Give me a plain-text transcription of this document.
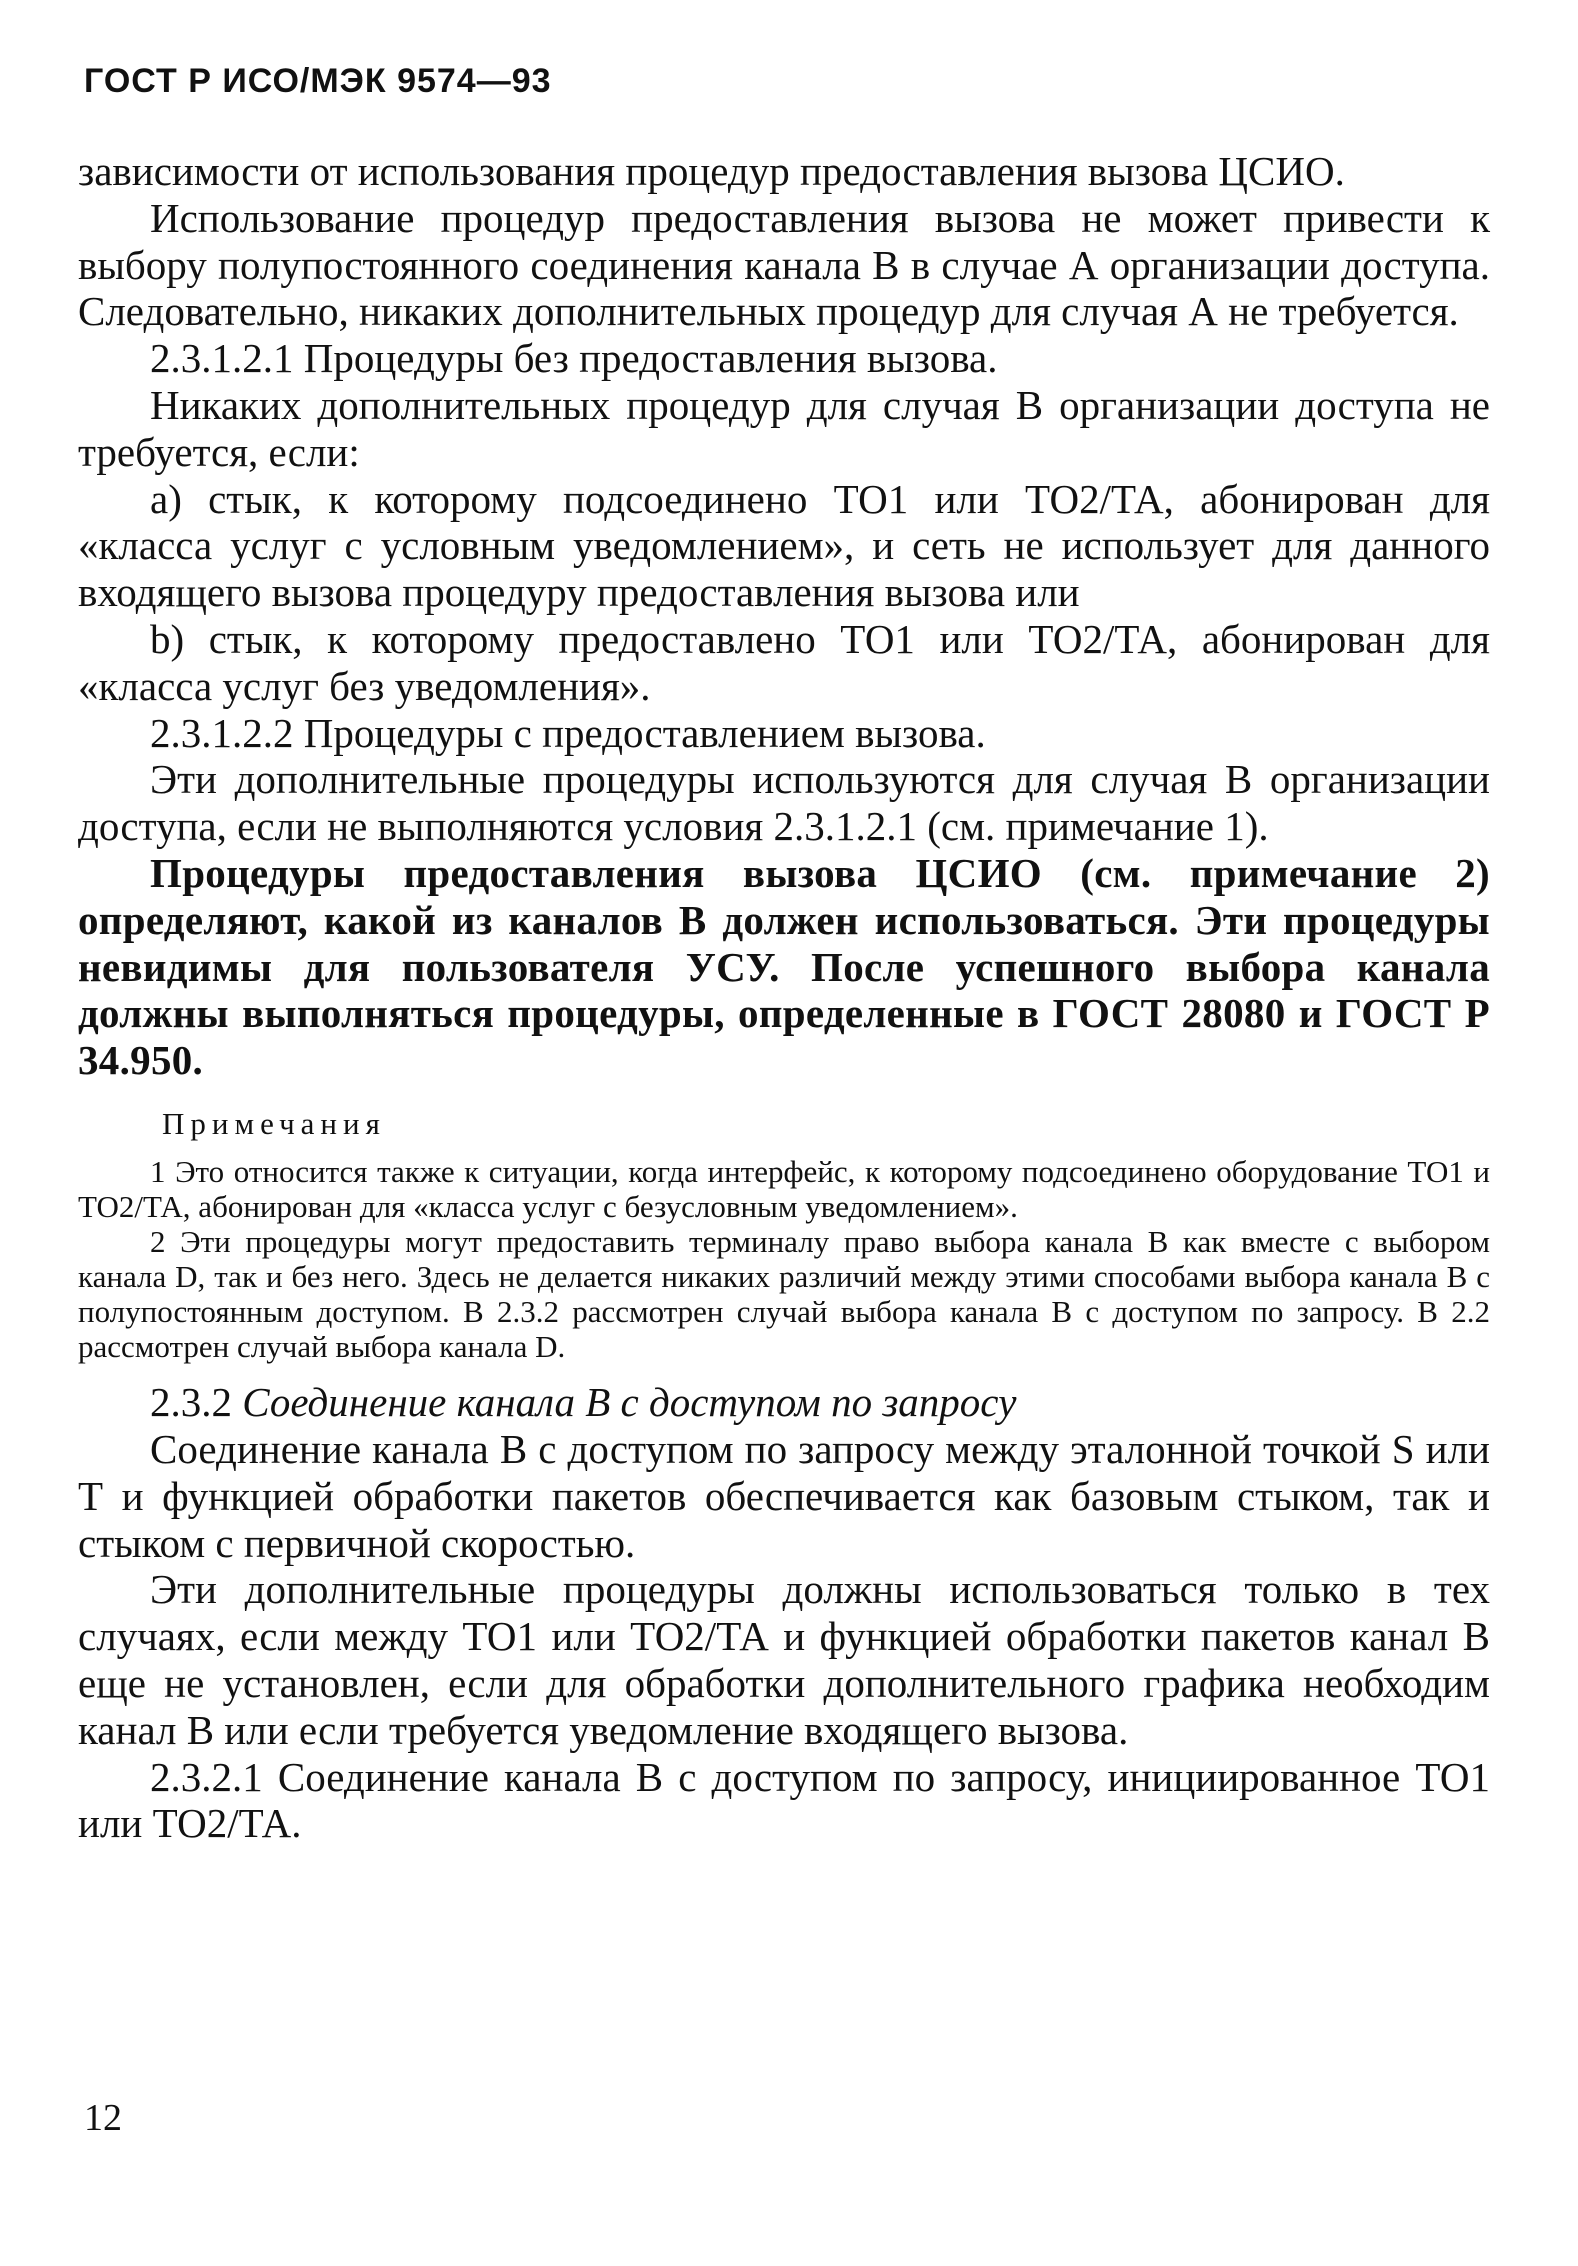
ГОСТ Р ИСО/МЭК 9574—93

зависимости от использования процедур предоставления вызова ЦСИО.

Использование процедур предоставления вызова не может привести к выбору полупостоянного соединения канала В в случае А организации доступа. Следовательно, никаких дополнительных процедур для случая А не требуется.

2.3.1.2.1 Процедуры без предоставления вызова.

Никаких дополнительных процедур для случая В организации доступа не требуется, если:

а) стык, к которому подсоединено ТО1 или ТО2/ТА, абонирован для «класса услуг с условным уведомлением», и сеть не использует для данного входящего вызова процедуру предоставления вызова или

b) стык, к которому предоставлено ТО1 или ТО2/ТА, абонирован для «класса услуг без уведомления».

2.3.1.2.2 Процедуры с предоставлением вызова.

Эти дополнительные процедуры используются для случая В организации доступа, если не выполняются условия 2.3.1.2.1 (см. примечание 1).

Процедуры предоставления вызова ЦСИО (см. примечание 2) определяют, какой из каналов В должен использоваться. Эти процедуры невидимы для пользователя УСУ. После успешного выбора канала должны выполняться процедуры, определенные в ГОСТ 28080 и ГОСТ Р 34.950.

Примечания

1 Это относится также к ситуации, когда интерфейс, к которому подсоединено оборудование ТО1 и ТО2/ТА, абонирован для «класса услуг с безусловным уведомлением».

2 Эти процедуры могут предоставить терминалу право выбора канала В как вместе с выбором канала D, так и без него. Здесь не делается никаких различий между этими способами выбора канала В с полупостоянным доступом. В 2.3.2 рассмотрен случай выбора канала В с доступом по запросу. В 2.2 рассмотрен случай выбора канала D.

2.3.2 Соединение канала В с доступом по запросу

Соединение канала В с доступом по запросу между эталонной точкой S или Т и функцией обработки пакетов обеспечивается как базовым стыком, так и стыком с первичной скоростью.

Эти дополнительные процедуры должны использоваться только в тех случаях, если между ТО1 или ТО2/ТА и функцией обработки пакетов канал В еще не установлен, если для обработки дополнительного графика необходим канал В или если требуется уведомление входящего вызова.

2.3.2.1 Соединение канала В с доступом по запросу, инициированное ТО1 или ТО2/ТА.

12
